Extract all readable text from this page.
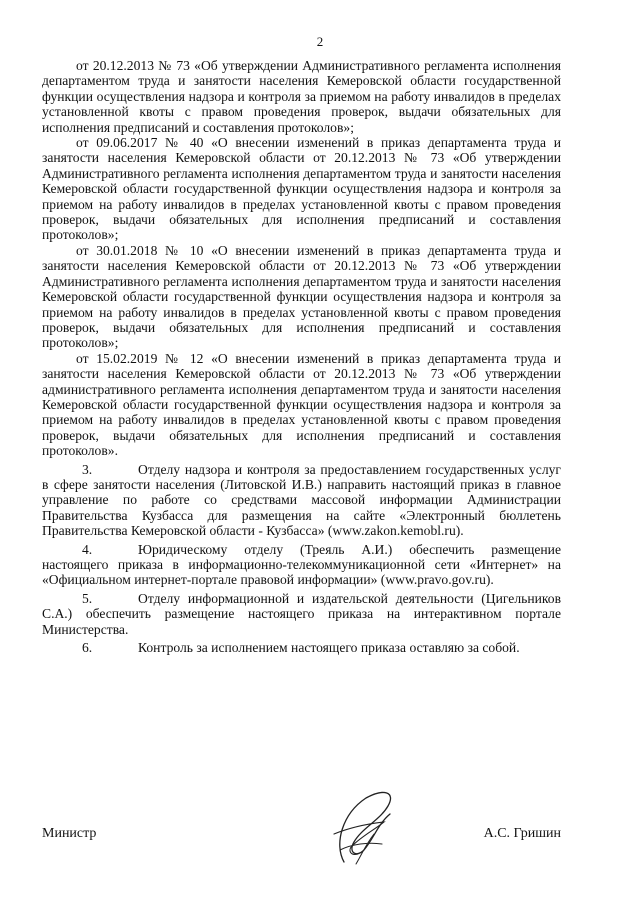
2

от 20.12.2013 № 73 «Об утверждении Административного регламента исполнения департаментом труда и занятости населения Кемеровской области государственной функции осуществления надзора и контроля за приемом на работу инвалидов в пределах установленной квоты с правом проведения проверок, выдачи обязательных для исполнения предписаний и составления протоколов»;

от 09.06.2017 № 40 «О внесении изменений в приказ департамента труда и занятости населения Кемеровской области от 20.12.2013 № 73 «Об утверждении Административного регламента исполнения департаментом труда и занятости населения Кемеровской области государственной функции осуществления надзора и контроля за приемом на работу инвалидов в пределах установленной квоты с правом проведения проверок, выдачи обязательных для исполнения предписаний и составления протоколов»;

от 30.01.2018 № 10 «О внесении изменений в приказ департамента труда и занятости населения Кемеровской области от 20.12.2013 № 73 «Об утверждении Административного регламента исполнения департаментом труда и занятости населения Кемеровской области государственной функции осуществления надзора и контроля за приемом на работу инвалидов в пределах установленной квоты с правом проведения проверок, выдачи обязательных для исполнения предписаний и составления протоколов»;

от 15.02.2019 № 12 «О внесении изменений в приказ департамента труда и занятости населения Кемеровской области от 20.12.2013 № 73 «Об утверждении административного регламента исполнения департаментом труда и занятости населения Кемеровской области государственной функции осуществления надзора и контроля за приемом на работу инвалидов в пределах установленной квоты с правом проведения проверок, выдачи обязательных для исполнения предписаний и составления протоколов».

3.	Отделу надзора и контроля за предоставлением государственных услуг в сфере занятости населения (Литовской И.В.) направить настоящий приказ в главное управление по работе со средствами массовой информации Администрации Правительства Кузбасса для размещения на сайте «Электронный бюллетень Правительства Кемеровской области - Кузбасса» (www.zakon.kemobl.ru).

4.	Юридическому отделу (Треяль А.И.) обеспечить размещение настоящего приказа в информационно-телекоммуникационной сети «Интернет» на «Официальном интернет-портале правовой информации» (www.pravo.gov.ru).

5.	Отделу информационной и издательской деятельности (Цигельников С.А.) обеспечить размещение настоящего приказа на интерактивном портале Министерства.

6.	Контроль за исполнением настоящего приказа оставляю за собой.

Министр	А.С. Гришин
